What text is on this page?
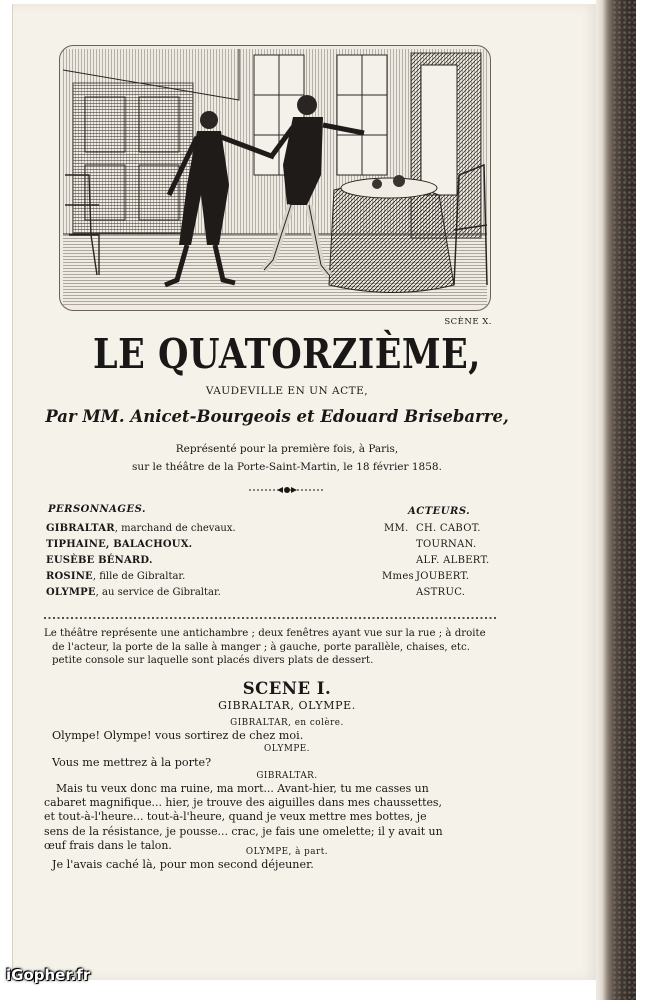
SCÈNE X.
LE QUATORZIÈME,
VAUDEVILLE EN UN ACTE,
Par MM. Anicet-Bourgeois et Edouard Brisebarre,
Représenté pour la première fois, à Paris,
sur le théâtre de la Porte-Saint-Martin, le 18 février 1858.
PERSONNAGES.	ACTEURS.
GIBRALTAR, marchand de chevaux.	MM. CH. CABOT.
TIPHAINE, BALACHOUX.	TOURNAN.
EUSÈBE BÉNARD.	ALF. ALBERT.
ROSINE, fille de Gibraltar.	Mmes JOUBERT.
OLYMPE, au service de Gibraltar.	ASTRUC.
Le théâtre représente une antichambre ; deux fenêtres ayant vue sur la rue ; à droite
de l'acteur, la porte de la salle à manger ; à gauche, porte parallèle, chaises, etc.
petite console sur laquelle sont placés divers plats de dessert.
SCENE I.
GIBRALTAR, OLYMPE.
GIBRALTAR, en colère.
Olympe! Olympe! vous sortirez de chez moi.
OLYMPE.
Vous me mettrez à la porte?
GIBRALTAR.
Mais tu veux donc ma ruine, ma mort... Avant-hier, tu me casses un
cabaret magnifique... hier, je trouve des aiguilles dans mes chaussettes,
et tout-à-l'heure... tout-à-l'heure, quand je veux mettre mes bottes, je
sens de la résistance, je pousse... crac, je fais une omelette; il y avait un
œuf frais dans le talon.
OLYMPE, à part.
Je l'avais caché là, pour mon second déjeuner.
iGopher.fr
